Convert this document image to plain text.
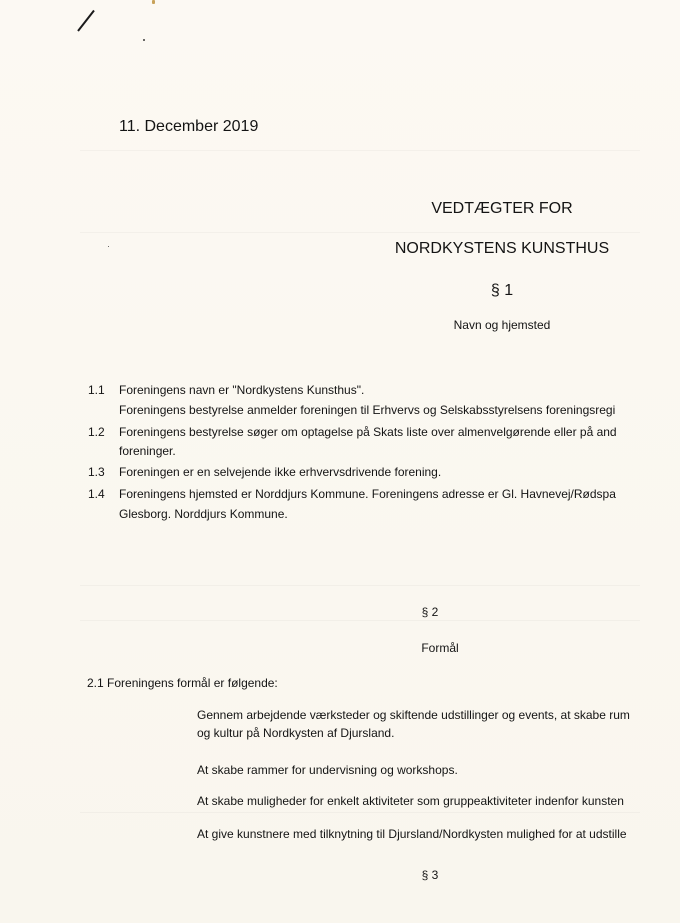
11. December 2019
VEDTÆGTER FOR
NORDKYSTENS KUNSTHUS
§ 1
Navn og hjemsted
1.1 Foreningens navn er "Nordkystens Kunsthus".
Foreningens bestyrelse anmelder foreningen til Erhvervs og Selskabsstyrelsens foreningsregi
1.2 Foreningens bestyrelse søger om optagelse på Skats liste over almenvelgørende eller på and
foreninger.
1.3 Foreningen er en selvejende ikke erhvervsdrivende forening.
1.4 Foreningens hjemsted er Norddjurs Kommune. Foreningens adresse er Gl. Havnevej/Rødspa
Glesborg. Norddjurs Kommune.
§ 2
Formål
2.1 Foreningens formål er følgende:
Gennem arbejdende værksteder og skiftende udstillinger og events, at skabe rum
og kultur på Nordkysten af Djursland.
At skabe rammer for undervisning og workshops.
At skabe muligheder for enkelt aktiviteter som gruppeaktiviteter indenfor kunsten
At give kunstnere med tilknytning til Djursland/Nordkysten mulighed for at udstille
§ 3
